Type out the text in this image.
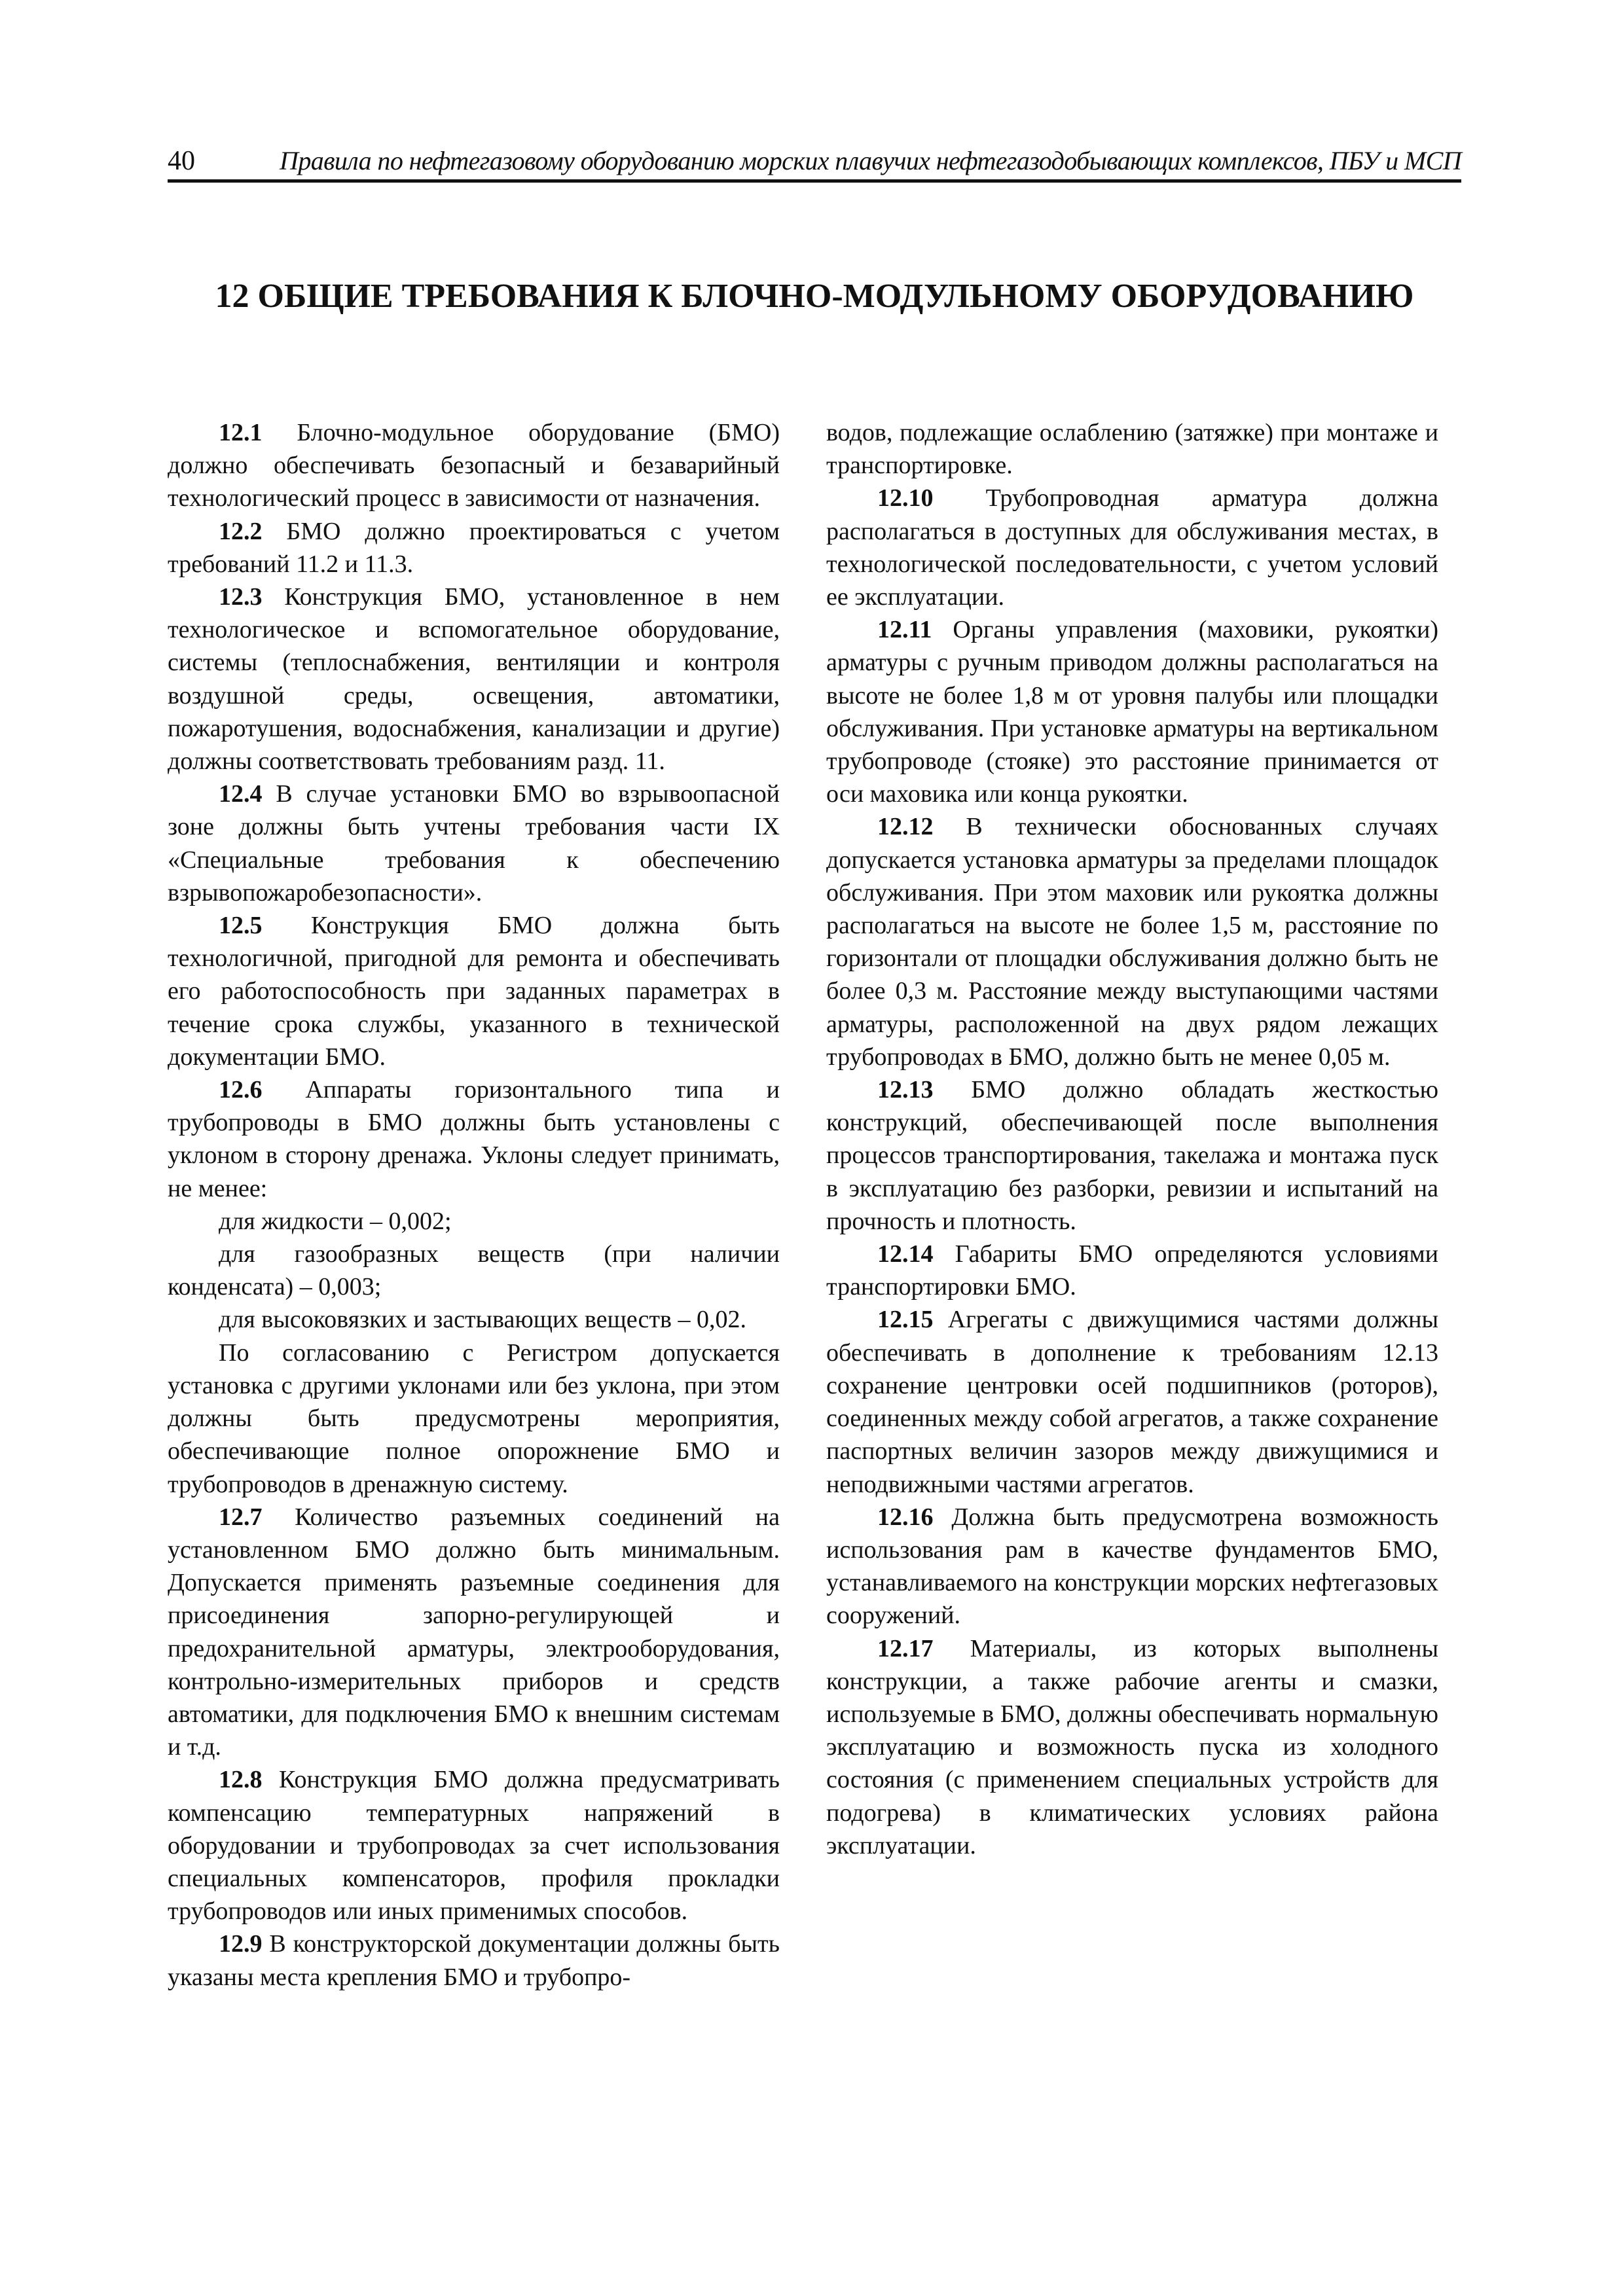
40	Правила по нефтегазовому оборудованию морских плавучих нефтегазодобывающих комплексов, ПБУ и МСП
12 ОБЩИЕ ТРЕБОВАНИЯ К БЛОЧНО-МОДУЛЬНОМУ ОБОРУДОВАНИЮ

12.1 Блочно-модульное оборудование (БМО) должно обеспечивать безопасный и безаварийный технологический процесс в зависимости от назначения.

12.2 БМО должно проектироваться с учетом требований 11.2 и 11.3.

12.3 Конструкция БМО, установленное в нем технологическое и вспомогательное оборудование, системы (теплоснабжения, вентиляции и контроля воздушной среды, освещения, автоматики, пожаротушения, водоснабжения, канализации и другие) должны соответствовать требованиям разд. 11.

12.4 В случае установки БМО во взрывоопасной зоне должны быть учтены требования части IX «Специальные требования к обеспечению взрывопожаробезопасности».

12.5 Конструкция БМО должна быть технологичной, пригодной для ремонта и обеспечивать его работоспособность при заданных параметрах в течение срока службы, указанного в технической документации БМО.

12.6 Аппараты горизонтального типа и трубопроводы в БМО должны быть установлены с уклоном в сторону дренажа. Уклоны следует принимать, не менее:

для жидкости – 0,002;

для газообразных веществ (при наличии конденсата) – 0,003;

для высоковязких и застывающих веществ – 0,02.

По согласованию с Регистром допускается установка с другими уклонами или без уклона, при этом должны быть предусмотрены мероприятия, обеспечивающие полное опорожнение БМО и трубопроводов в дренажную систему.

12.7 Количество разъемных соединений на установленном БМО должно быть минимальным. Допускается применять разъемные соединения для присоединения запорно-регулирующей и предохранительной арматуры, электрооборудования, контрольно-измерительных приборов и средств автоматики, для подключения БМО к внешним системам и т.д.

12.8 Конструкция БМО должна предусматривать компенсацию температурных напряжений в оборудовании и трубопроводах за счет использования специальных компенсаторов, профиля прокладки трубопроводов или иных применимых способов.

12.9 В конструкторской документации должны быть указаны места крепления БМО и трубопро-

водов, подлежащие ослаблению (затяжке) при монтаже и транспортировке.

12.10 Трубопроводная арматура должна располагаться в доступных для обслуживания местах, в технологической последовательности, с учетом условий ее эксплуатации.

12.11 Органы управления (маховики, рукоятки) арматуры с ручным приводом должны располагаться на высоте не более 1,8 м от уровня палубы или площадки обслуживания. При установке арматуры на вертикальном трубопроводе (стояке) это расстояние принимается от оси маховика или конца рукоятки.

12.12 В технически обоснованных случаях допускается установка арматуры за пределами площадок обслуживания. При этом маховик или рукоятка должны располагаться на высоте не более 1,5 м, расстояние по горизонтали от площадки обслуживания должно быть не более 0,3 м. Расстояние между выступающими частями арматуры, расположенной на двух рядом лежащих трубопроводах в БМО, должно быть не менее 0,05 м.

12.13 БМО должно обладать жесткостью конструкций, обеспечивающей после выполнения процессов транспортирования, такелажа и монтажа пуск в эксплуатацию без разборки, ревизии и испытаний на прочность и плотность.

12.14 Габариты БМО определяются условиями транспортировки БМО.

12.15 Агрегаты с движущимися частями должны обеспечивать в дополнение к требованиям 12.13 сохранение центровки осей подшипников (роторов), соединенных между собой агрегатов, а также сохранение паспортных величин зазоров между движущимися и неподвижными частями агрегатов.

12.16 Должна быть предусмотрена возможность использования рам в качестве фундаментов БМО, устанавливаемого на конструкции морских нефтегазовых сооружений.

12.17 Материалы, из которых выполнены конструкции, а также рабочие агенты и смазки, используемые в БМО, должны обеспечивать нормальную эксплуатацию и возможность пуска из холодного состояния (с применением специальных устройств для подогрева) в климатических условиях района эксплуатации.
